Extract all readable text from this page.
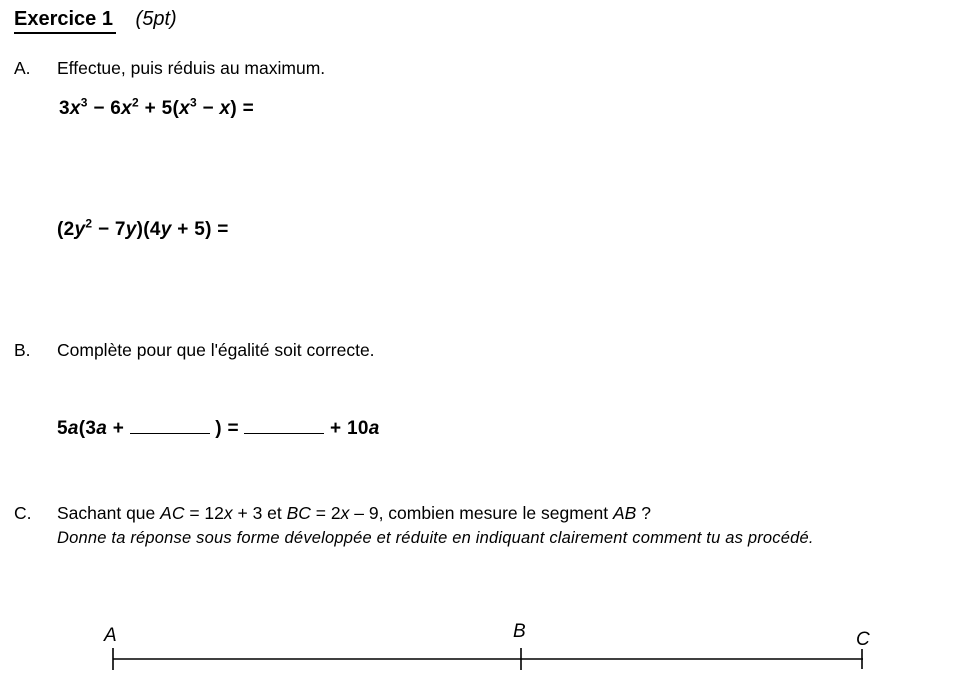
Exercice 1 (5pt)
A. Effectue, puis réduis au maximum.
$3x^3 - 6x^2 + 5(x^3 - x)$ =
$(2y^2 - 7y)(4y + 5)$ =
B. Complète pour que l'égalité soit correcte.
5a(3a +	) =	+ 10a
C. Sachant que AC = 12x + 3 et BC = 2x – 9, combien mesure le segment AB ?
Donne ta réponse sous forme développée et réduite en indiquant clairement comment tu as procédé.
A	B	C
